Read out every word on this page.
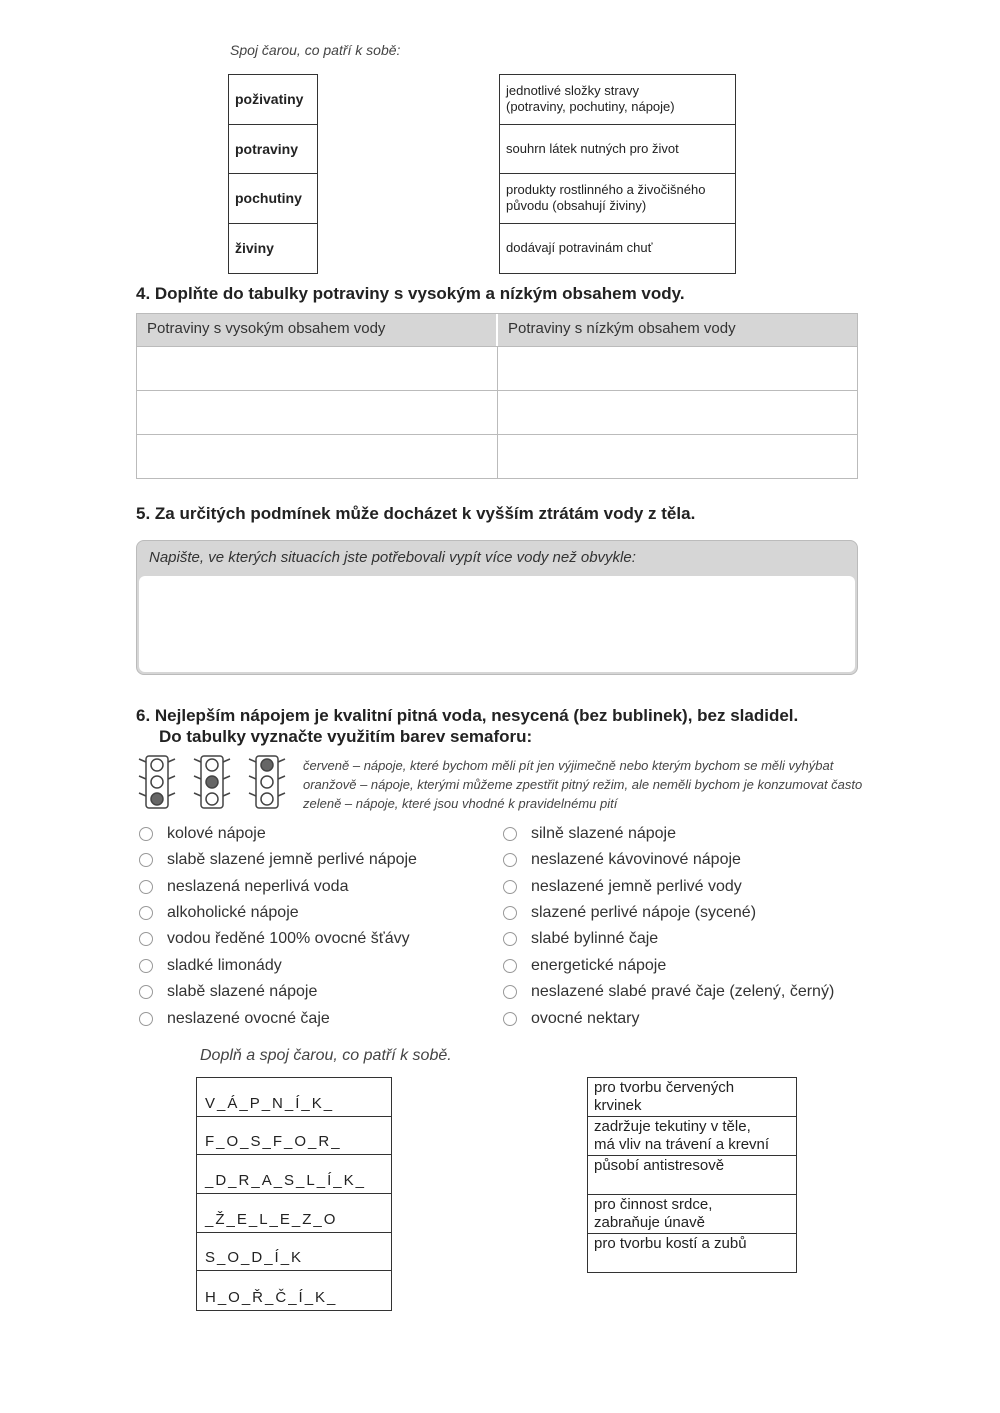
Spoj čarou, co patří k sobě:
poživatiny
potraviny
pochutiny
živiny
jednotlivé složky stravy
(potraviny, pochutiny, nápoje)
souhrn látek nutných pro život
produkty rostlinného a živočišného
původu (obsahují živiny)
dodávají potravinám chuť
4. Doplňte do tabulky potraviny s vysokým a nízkým obsahem vody.
Potraviny s vysokým obsahem vody	Potraviny s nízkým obsahem vody
5. Za určitých podmínek může docházet k vyšším ztrátám vody z těla.
Napište, ve kterých situacích jste potřebovali vypít více vody než obvykle:
6. Nejlepším nápojem je kvalitní pitná voda, nesycená (bez bublinek), bez sladidel.
Do tabulky vyznačte využitím barev semaforu:
červeně – nápoje, které bychom měli pít jen výjimečně nebo kterým bychom se měli vyhýbat
oranžově – nápoje, kterými můžeme zpestřit pitný režim, ale neměli bychom je konzumovat často
zeleně – nápoje, které jsou vhodné k pravidelnému pití
kolové nápoje
slabě slazené jemně perlivé nápoje
neslazená neperlivá voda
alkoholické nápoje
vodou ředěné 100% ovocné šťávy
sladké limonády
slabě slazené nápoje
neslazené ovocné čaje
silně slazené nápoje
neslazené kávovinové nápoje
neslazené jemně perlivé vody
slazené perlivé nápoje (sycené)
slabé bylinné čaje
energetické nápoje
neslazené slabé pravé čaje (zelený, černý)
ovocné nektary
Doplň a spoj čarou, co patří k sobě.
V_Á_P_N_Í_K_
F_O_S_F_O_R_
_D_R_A_S_L_Í_K_
_Ž_E_L_E_Z_O
S_O_D_Í_K
H_O_Ř_Č_Í_K_
pro tvorbu červených
krvinek
zadržuje tekutiny v těle,
má vliv na trávení a krevní
působí antistresově
pro činnost srdce,
zabraňuje únavě
pro tvorbu kostí a zubů
